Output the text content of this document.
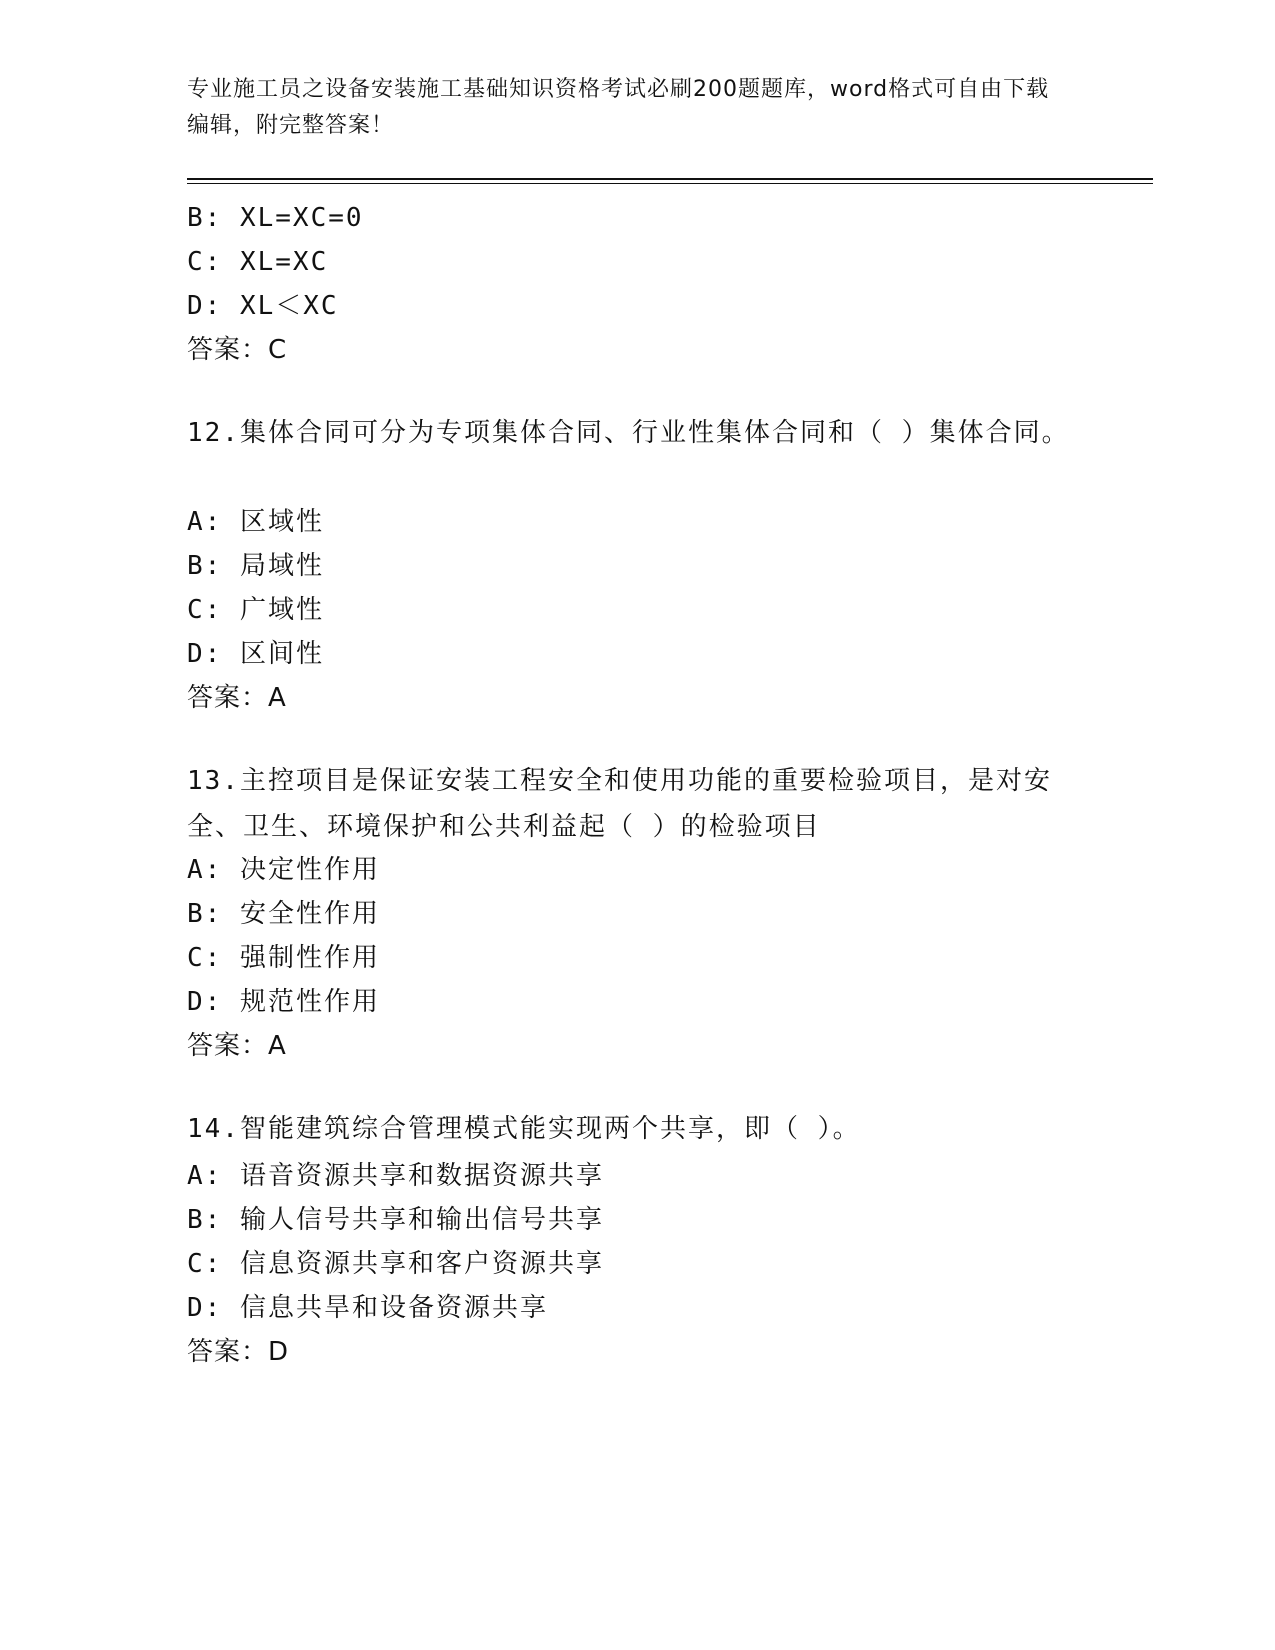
专业施工员之设备安装施工基础知识资格考试必刷200题题库，word格式可自由下载编辑，附完整答案！
B: XL=XC=0
C: XL=XC
D: XL＜XC
答案：C
12.集体合同可分为专项集体合同、行业性集体合同和（ ）集体合同。
A: 区域性
B: 局域性
C: 广域性
D: 区间性
答案：A
13.主控项目是保证安装工程安全和使用功能的重要检验项目，是对安全、卫生、环境保护和公共利益起（ ）的检验项目
A: 决定性作用
B: 安全性作用
C: 强制性作用
D: 规范性作用
答案：A
14.智能建筑综合管理模式能实现两个共享，即（ ）。
A: 语音资源共享和数据资源共享
B: 输人信号共享和输出信号共享
C: 信息资源共享和客户资源共享
D: 信息共旱和设备资源共享
答案：D
